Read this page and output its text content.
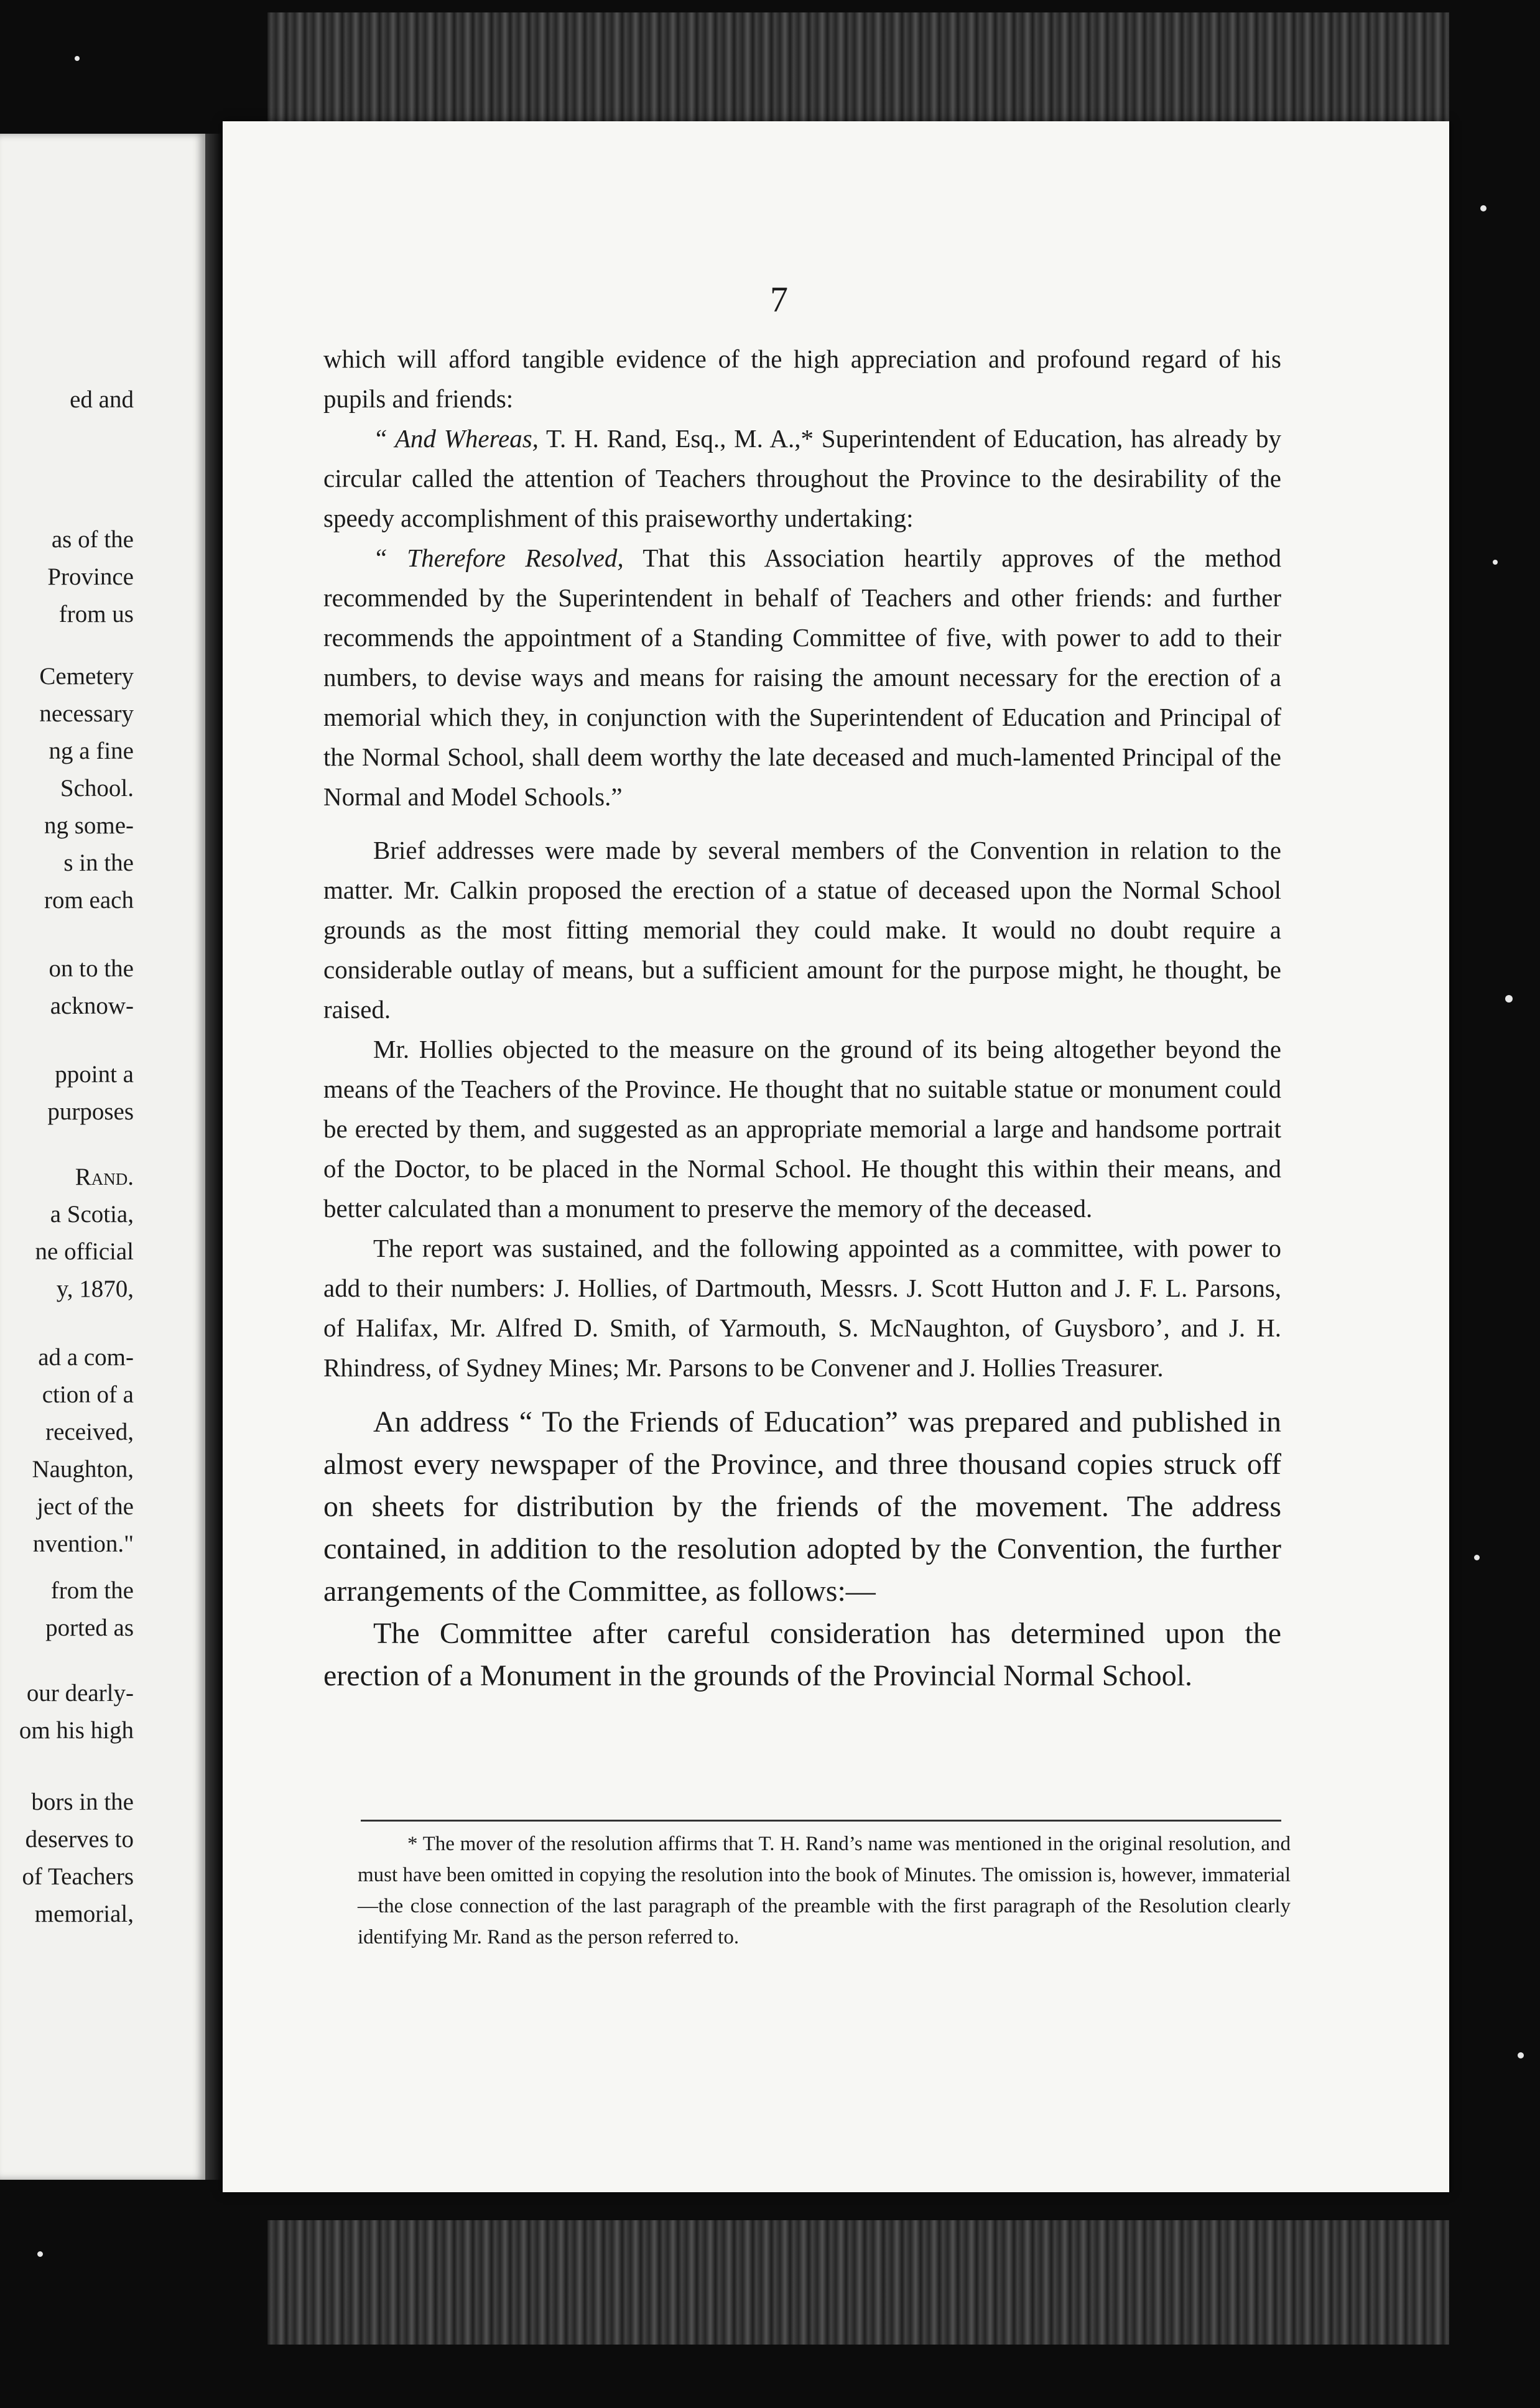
ed and
as of the
Province
from us
Cemetery
necessary
ng a fine
School.
ng some-
s in the
rom each
on to the
acknow-
ppoint a
purposes
Rand.
a Scotia,
ne official
y, 1870,
ad a com-
ction of a
received,
Naughton,
ject of the
nvention."
from the
ported as
our dearly-
om his high
bors in the
deserves to
of Teachers
memorial,
7

which will afford tangible evidence of the high appreciation and profound regard of his pupils and friends:

“ And Whereas, T. H. Rand, Esq., M. A.,* Superintendent of Education, has already by circular called the attention of Teachers throughout the Province to the desirability of the speedy accomplishment of this praiseworthy undertaking:

“ Therefore Resolved, That this Association heartily approves of the method recommended by the Superintendent in behalf of Teachers and other friends: and further recommends the appointment of a Standing Committee of five, with power to add to their numbers, to devise ways and means for raising the amount necessary for the erection of a memorial which they, in conjunction with the Superintendent of Education and Principal of the Normal School, shall deem worthy the late deceased and much-lamented Principal of the Normal and Model Schools.”

Brief addresses were made by several members of the Convention in relation to the matter. Mr. Calkin proposed the erection of a statue of deceased upon the Normal School grounds as the most fitting memorial they could make. It would no doubt require a considerable outlay of means, but a sufficient amount for the purpose might, he thought, be raised.

Mr. Hollies objected to the measure on the ground of its being altogether beyond the means of the Teachers of the Province. He thought that no suitable statue or monument could be erected by them, and suggested as an appropriate memorial a large and handsome portrait of the Doctor, to be placed in the Normal School. He thought this within their means, and better calculated than a monument to preserve the memory of the deceased.

The report was sustained, and the following appointed as a committee, with power to add to their numbers: J. Hollies, of Dartmouth, Messrs. J. Scott Hutton and J. F. L. Parsons, of Halifax, Mr. Alfred D. Smith, of Yarmouth, S. McNaughton, of Guysboro’, and J. H. Rhindress, of Sydney Mines; Mr. Parsons to be Convener and J. Hollies Treasurer.

An address “ To the Friends of Education” was prepared and published in almost every newspaper of the Province, and three thousand copies struck off on sheets for distribution by the friends of the movement. The address contained, in addition to the resolution adopted by the Convention, the further arrangements of the Committee, as follows:—

The Committee after careful consideration has determined upon the erection of a Monument in the grounds of the Provincial Normal School.

* The mover of the resolution affirms that T. H. Rand’s name was mentioned in the original resolution, and must have been omitted in copying the resolution into the book of Minutes. The omission is, however, immaterial—the close connection of the last paragraph of the preamble with the first paragraph of the Resolution clearly identifying Mr. Rand as the person referred to.
